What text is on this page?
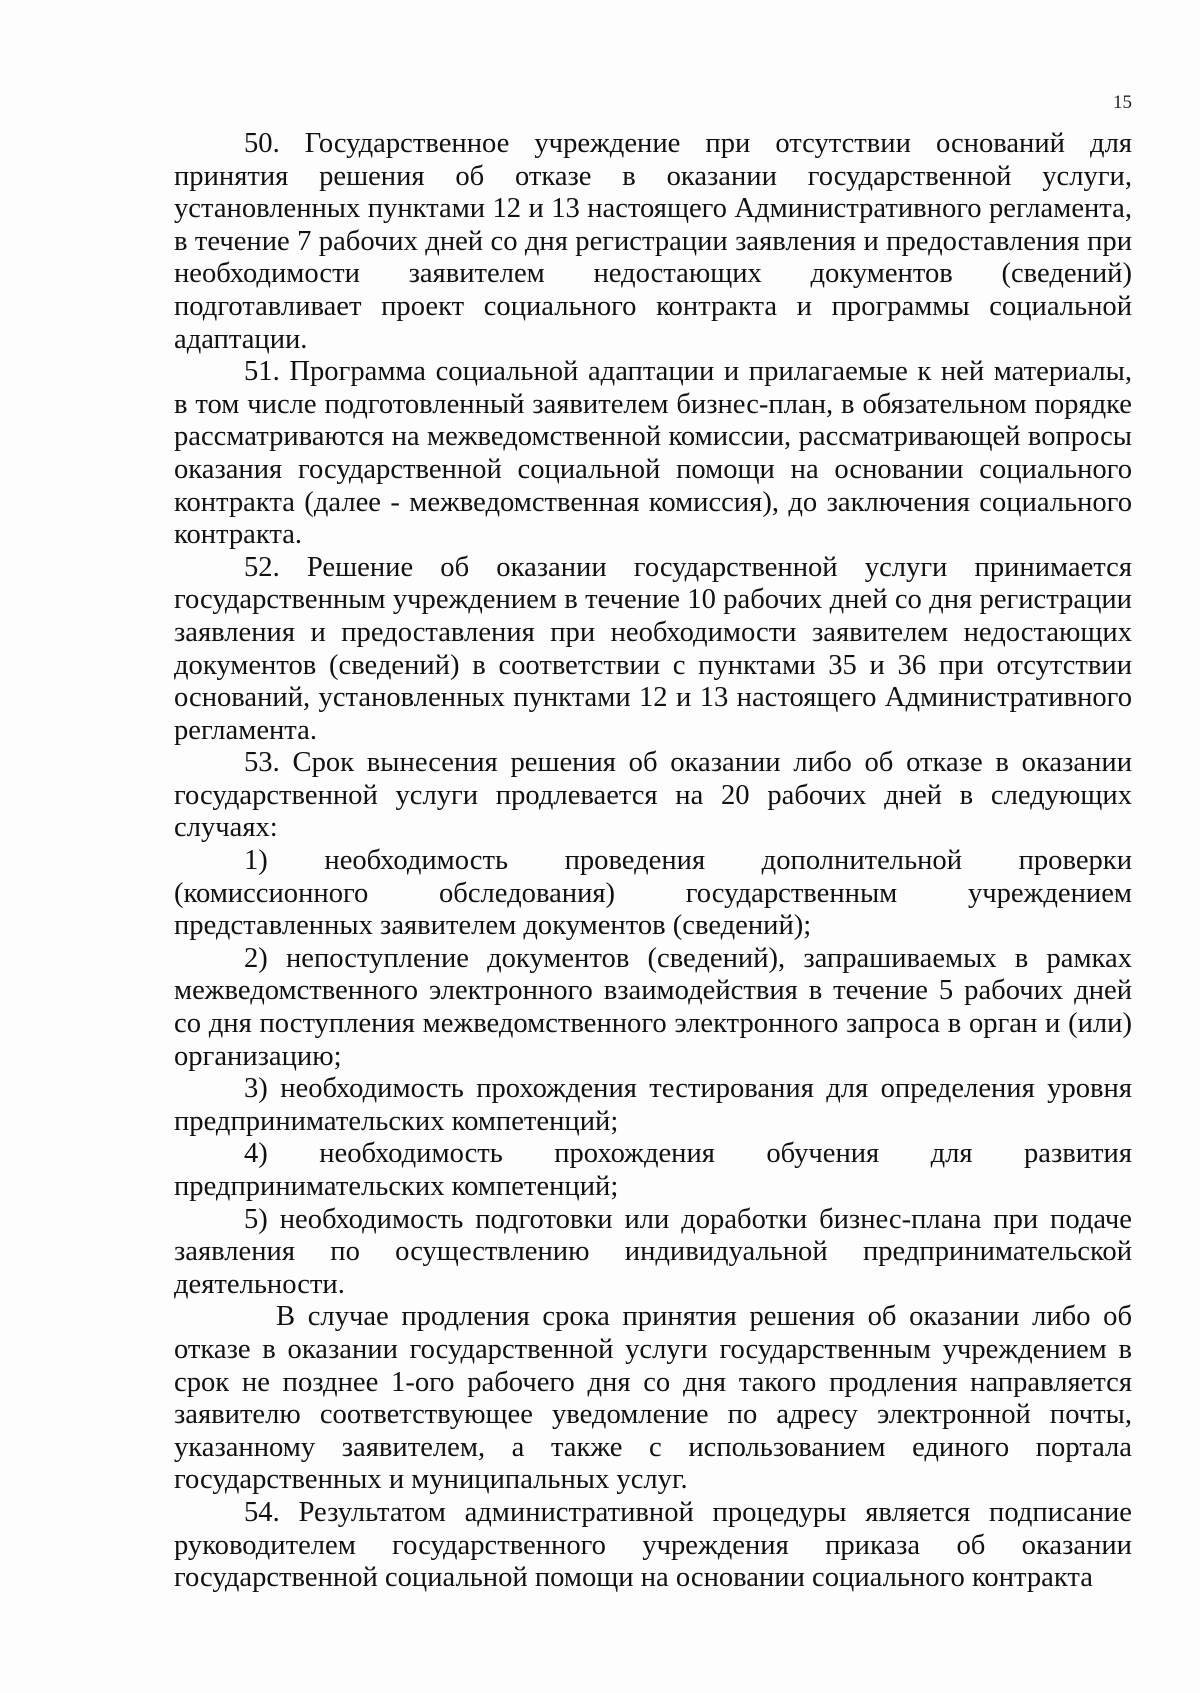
15

50. Государственное учреждение при отсутствии оснований для принятия решения об отказе в оказании государственной услуги, установленных пунктами 12 и 13 настоящего Административного регламента, в течение 7 рабочих дней со дня регистрации заявления и предоставления при необходимости заявителем недостающих документов (сведений) подготавливает проект социального контракта и программы социальной адаптации.

51. Программа социальной адаптации и прилагаемые к ней материалы, в том числе подготовленный заявителем бизнес-план, в обязательном порядке рассматриваются на межведомственной комиссии, рассматривающей вопросы оказания государственной социальной помощи на основании социального контракта (далее - межведомственная комиссия), до заключения социального контракта.

52. Решение об оказании государственной услуги принимается государственным учреждением в течение 10 рабочих дней со дня регистрации заявления и предоставления при необходимости заявителем недостающих документов (сведений) в соответствии с пунктами 35 и 36 при отсутствии оснований, установленных пунктами 12 и 13 настоящего Административного регламента.

53. Срок вынесения решения об оказании либо об отказе в оказании государственной услуги продлевается на 20 рабочих дней в следующих случаях:

1) необходимость проведения дополнительной проверки (комиссионного обследования) государственным учреждением представленных заявителем документов (сведений);

2) непоступление документов (сведений), запрашиваемых в рамках межведомственного электронного взаимодействия в течение 5 рабочих дней со дня поступления межведомственного электронного запроса в орган и (или) организацию;

3) необходимость прохождения тестирования для определения уровня предпринимательских компетенций;

4) необходимость прохождения обучения для развития предпринимательских компетенций;

5) необходимость подготовки или доработки бизнес-плана при подаче заявления по осуществлению индивидуальной предпринимательской деятельности.

В случае продления срока принятия решения об оказании либо об отказе в оказании государственной услуги государственным учреждением в срок не позднее 1-ого рабочего дня со дня такого продления направляется заявителю соответствующее уведомление по адресу электронной почты, указанному заявителем, а также с использованием единого портала государственных и муниципальных услуг.

54. Результатом административной процедуры является подписание руководителем государственного учреждения приказа об оказании государственной социальной помощи на основании социального контракта
